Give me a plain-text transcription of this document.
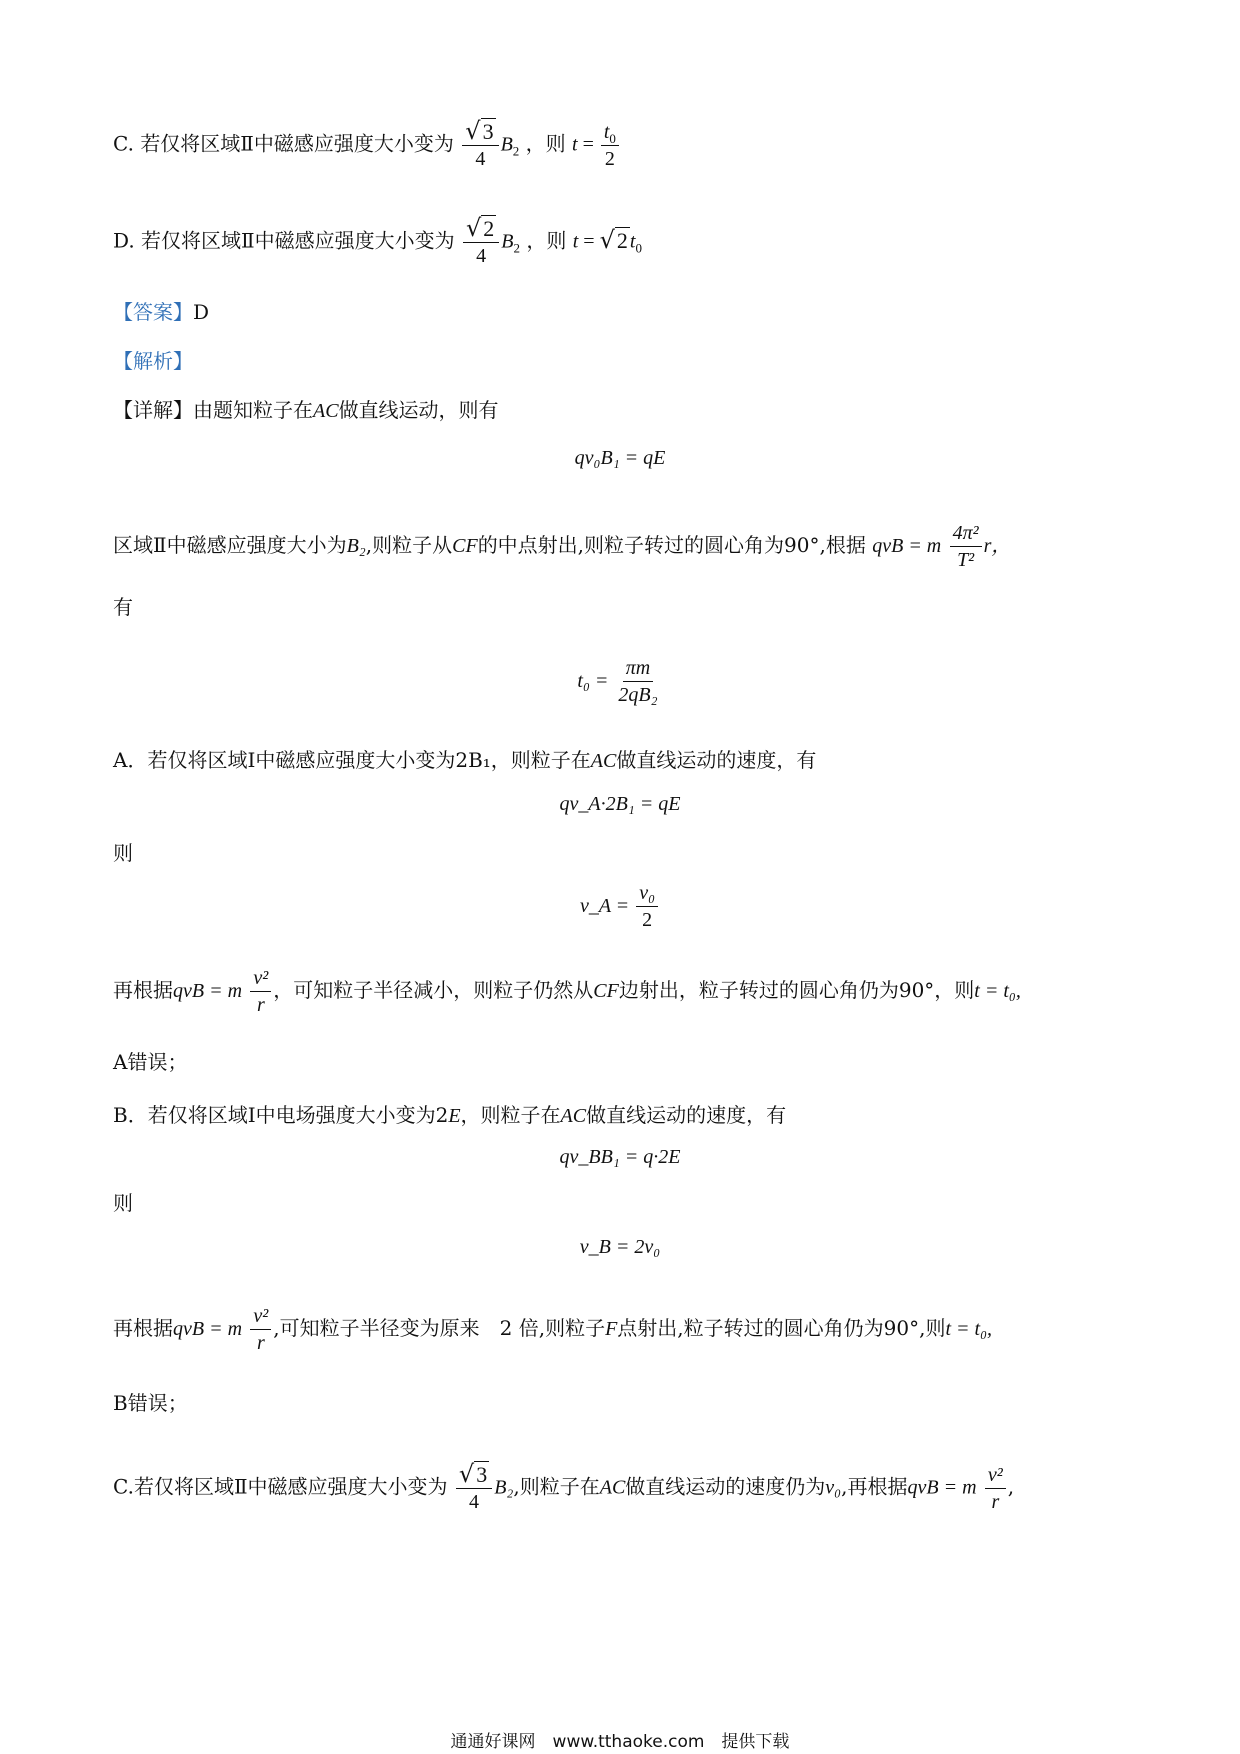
C. 若仅将区域Ⅱ中磁感应强度大小变为 $\frac{√3}{4} B_2$ ，则 $t = \frac{t_0}{2}$
D. 若仅将区域Ⅱ中磁感应强度大小变为 $\frac{√2}{4} B_2$ ，则 t = √2 $t_0$
【答案】D
【解析】
【详解】由题知粒子在AC做直线运动，则有
qv₀B₁ = qE
区域Ⅱ中磁感应强度大小为B₂,则粒子从CF的中点射出,则粒子转过的圆心角为90°,根据 qvB = m $\frac{\text{4π²}}{\text{T²}}$ r，
有
$t_0 = \frac{\pi m}{\text{2qB₂}}$
A．若仅将区域I中磁感应强度大小变为2B₁，则粒子在AC做直线运动的速度，有
qv_A·2B₁ = qE
则
v_A = $\frac{\text{v₀}}{2}$
再根据qvB = m $\frac{\text{v²}}{r}$ ，可知粒子半径减小，则粒子仍然从CF边射出，粒子转过的圆心角仍为90°，则t = t₀,
A错误；
B．若仅将区域I中电场强度大小变为2E，则粒子在AC做直线运动的速度，有
qv_BB₁ = q·2E
则
v_B = 2v₀
再根据qvB = m $\frac{\text{v²}}{r}$ ,可知粒子半径变为原来　2 倍,则粒子F点射出,粒子转过的圆心角仍为90°,则t = t₀,
B错误；
C.若仅将区域Ⅱ中磁感应强度大小变为 $\frac{√3}{4} B_2$,则粒子在AC做直线运动的速度仍为v₀,再根据qvB = m $\frac{\text{v²}}{r}$ ,
通通好课网　www.tthaoke.com　提供下载
